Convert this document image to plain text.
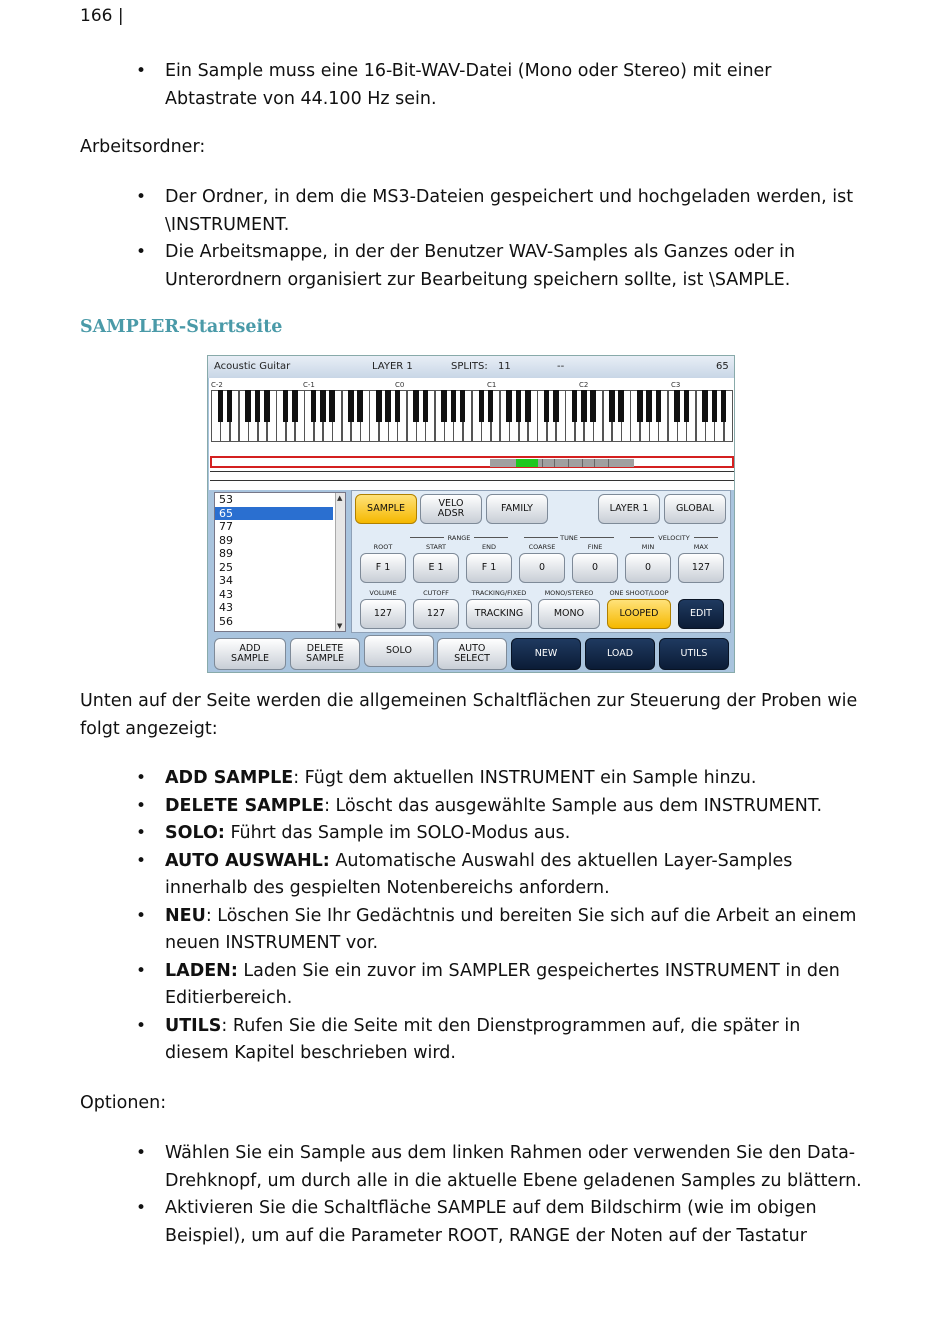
166 |
• Ein Sample muss eine 16-Bit-WAV-Datei (Mono oder Stereo) mit einer Abtastrate von 44.100 Hz sein.
Arbeitsordner:
• Der Ordner, in dem die MS3-Dateien gespeichert und hochgeladen werden, ist \INSTRUMENT.
• Die Arbeitsmappe, in der der Benutzer WAV-Samples als Ganzes oder in Unterordnern organisiert zur Bearbeitung speichern sollte, ist \SAMPLE.
SAMPLER-Startseite
Acoustic Guitar	LAYER 1	SPLITS: 11	--	65
C-2	C-1	C0	C1	C2	C3
53
65
77
89
89
25
34
43
43
56
▲
▼
SAMPLE	VELO
ADSR	FAMILY	LAYER 1	GLOBAL
RANGE	TUNE	VELOCITY
ROOT	START	END	COARSE	FINE	MIN	MAX
F 1	E 1	F 1	0	0	0	127
VOLUME	CUTOFF	TRACKING/FIXED	MONO/STEREO	ONE SHOOT/LOOP
127	127	TRACKING	MONO	LOOPED	EDIT
ADD
SAMPLE
DELETE
SAMPLE
SOLO	AUTO
SELECT	NEW	LOAD	UTILS
Unten auf der Seite werden die allgemeinen Schaltflächen zur Steuerung der Proben wie folgt angezeigt:
• ADD SAMPLE: Fügt dem aktuellen INSTRUMENT ein Sample hinzu.
• DELETE SAMPLE: Löscht das ausgewählte Sample aus dem INSTRUMENT.
• SOLO: Führt das Sample im SOLO-Modus aus.
• AUTO AUSWAHL: Automatische Auswahl des aktuellen Layer-Samples innerhalb des gespielten Notenbereichs anfordern.
• NEU: Löschen Sie Ihr Gedächtnis und bereiten Sie sich auf die Arbeit an einem neuen INSTRUMENT vor.
• LADEN: Laden Sie ein zuvor im SAMPLER gespeichertes INSTRUMENT in den Editierbereich.
• UTILS: Rufen Sie die Seite mit den Dienstprogrammen auf, die später in diesem Kapitel beschrieben wird.
Optionen:
• Wählen Sie ein Sample aus dem linken Rahmen oder verwenden Sie den Data-Drehknopf, um durch alle in die aktuelle Ebene geladenen Samples zu blättern.
• Aktivieren Sie die Schaltfläche SAMPLE auf dem Bildschirm (wie im obigen Beispiel), um auf die Parameter ROOT, RANGE der Noten auf der Tastatur
